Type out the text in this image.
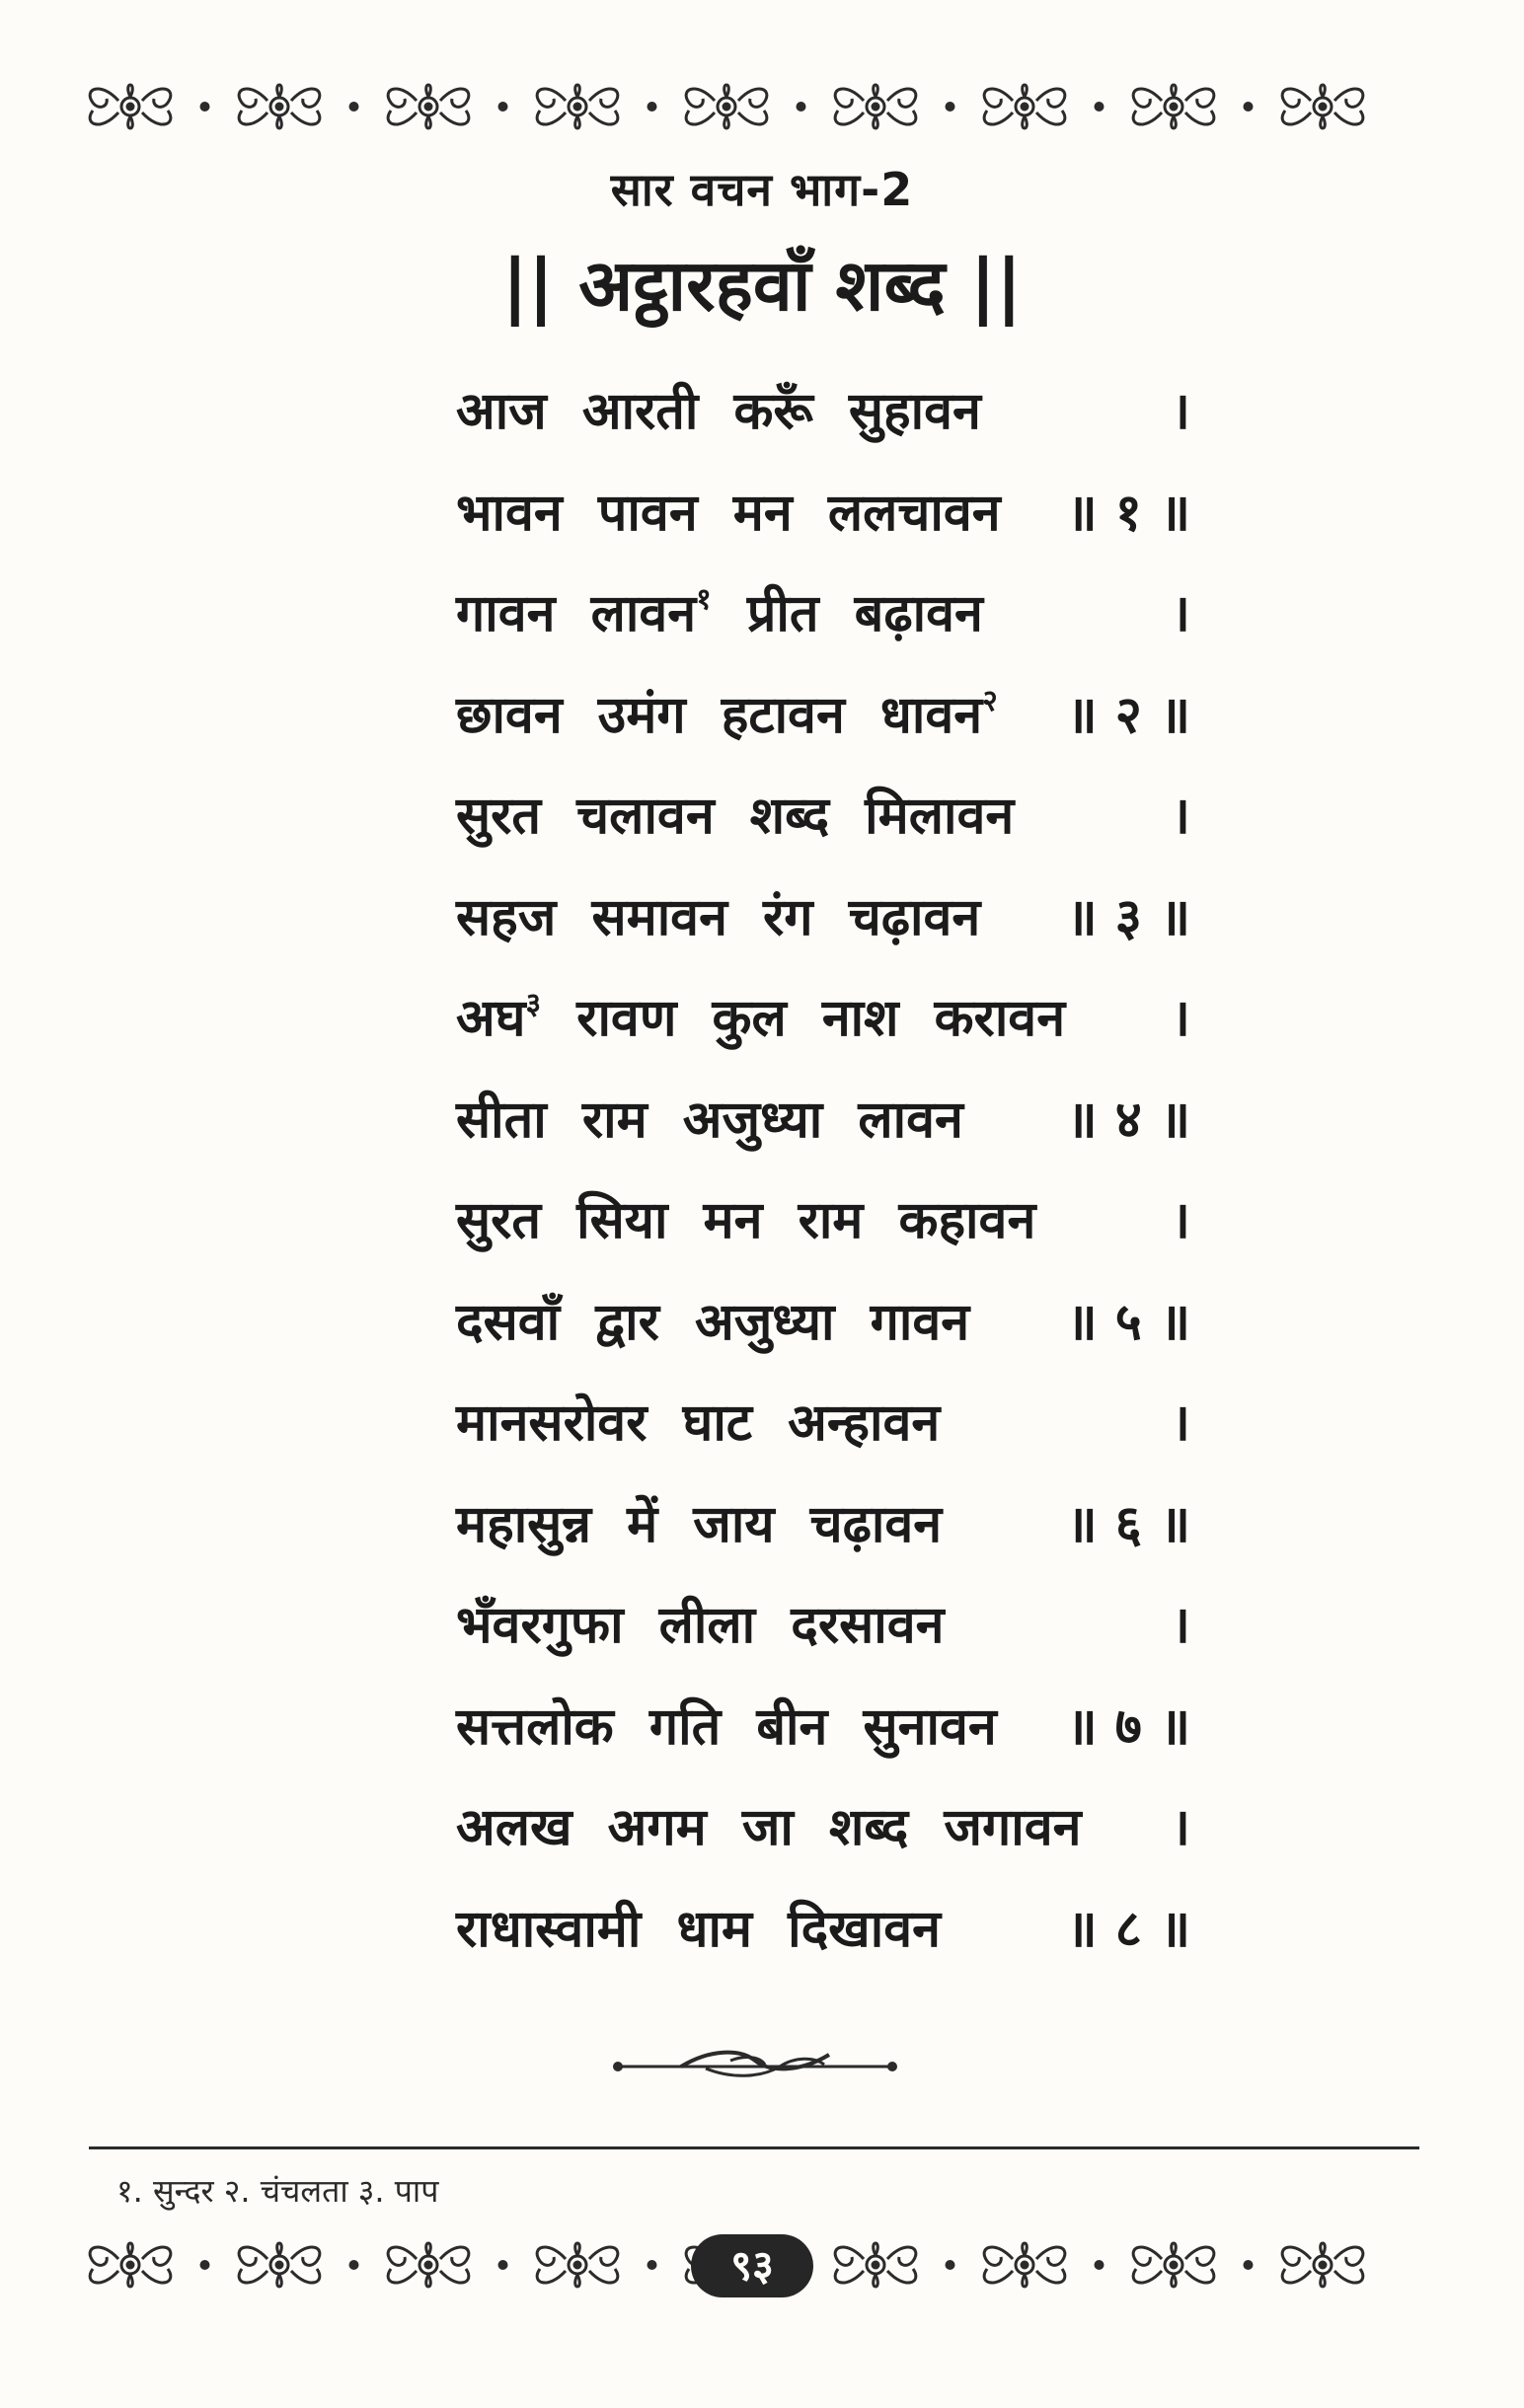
सार वचन भाग-2
|| अट्ठारहवाँ शब्द ||
आज आरती करूँ सुहावन	।
भावन पावन मन ललचावन ॥ १ ॥
गावन लावन$^१$ प्रीत बढ़ावन	।
छावन उमंग हटावन धावन$^२$ ॥ २ ॥
सुरत चलावन शब्द मिलावन	।
सहज समावन रंग चढ़ावन ॥ ३ ॥
अघ$^३$ रावण कुल नाश करावन ।
सीता राम अजुध्या लावन ॥ ४ ॥
सुरत सिया मन राम कहावन	।
दसवाँ द्वार अजुध्या गावन ॥ ५ ॥
मानसरोवर घाट अन्हावन	।
महासुन्न में जाय चढ़ावन ॥ ६ ॥
भँवरगुफा लीला दरसावन	।
सत्तलोक गति बीन सुनावन ॥ ७ ॥
अलख अगम जा शब्द जगावन ।
राधास्वामी धाम दिखावन ॥ ८ ॥
१. सुन्दर २. चंचलता ३. पाप
९३
